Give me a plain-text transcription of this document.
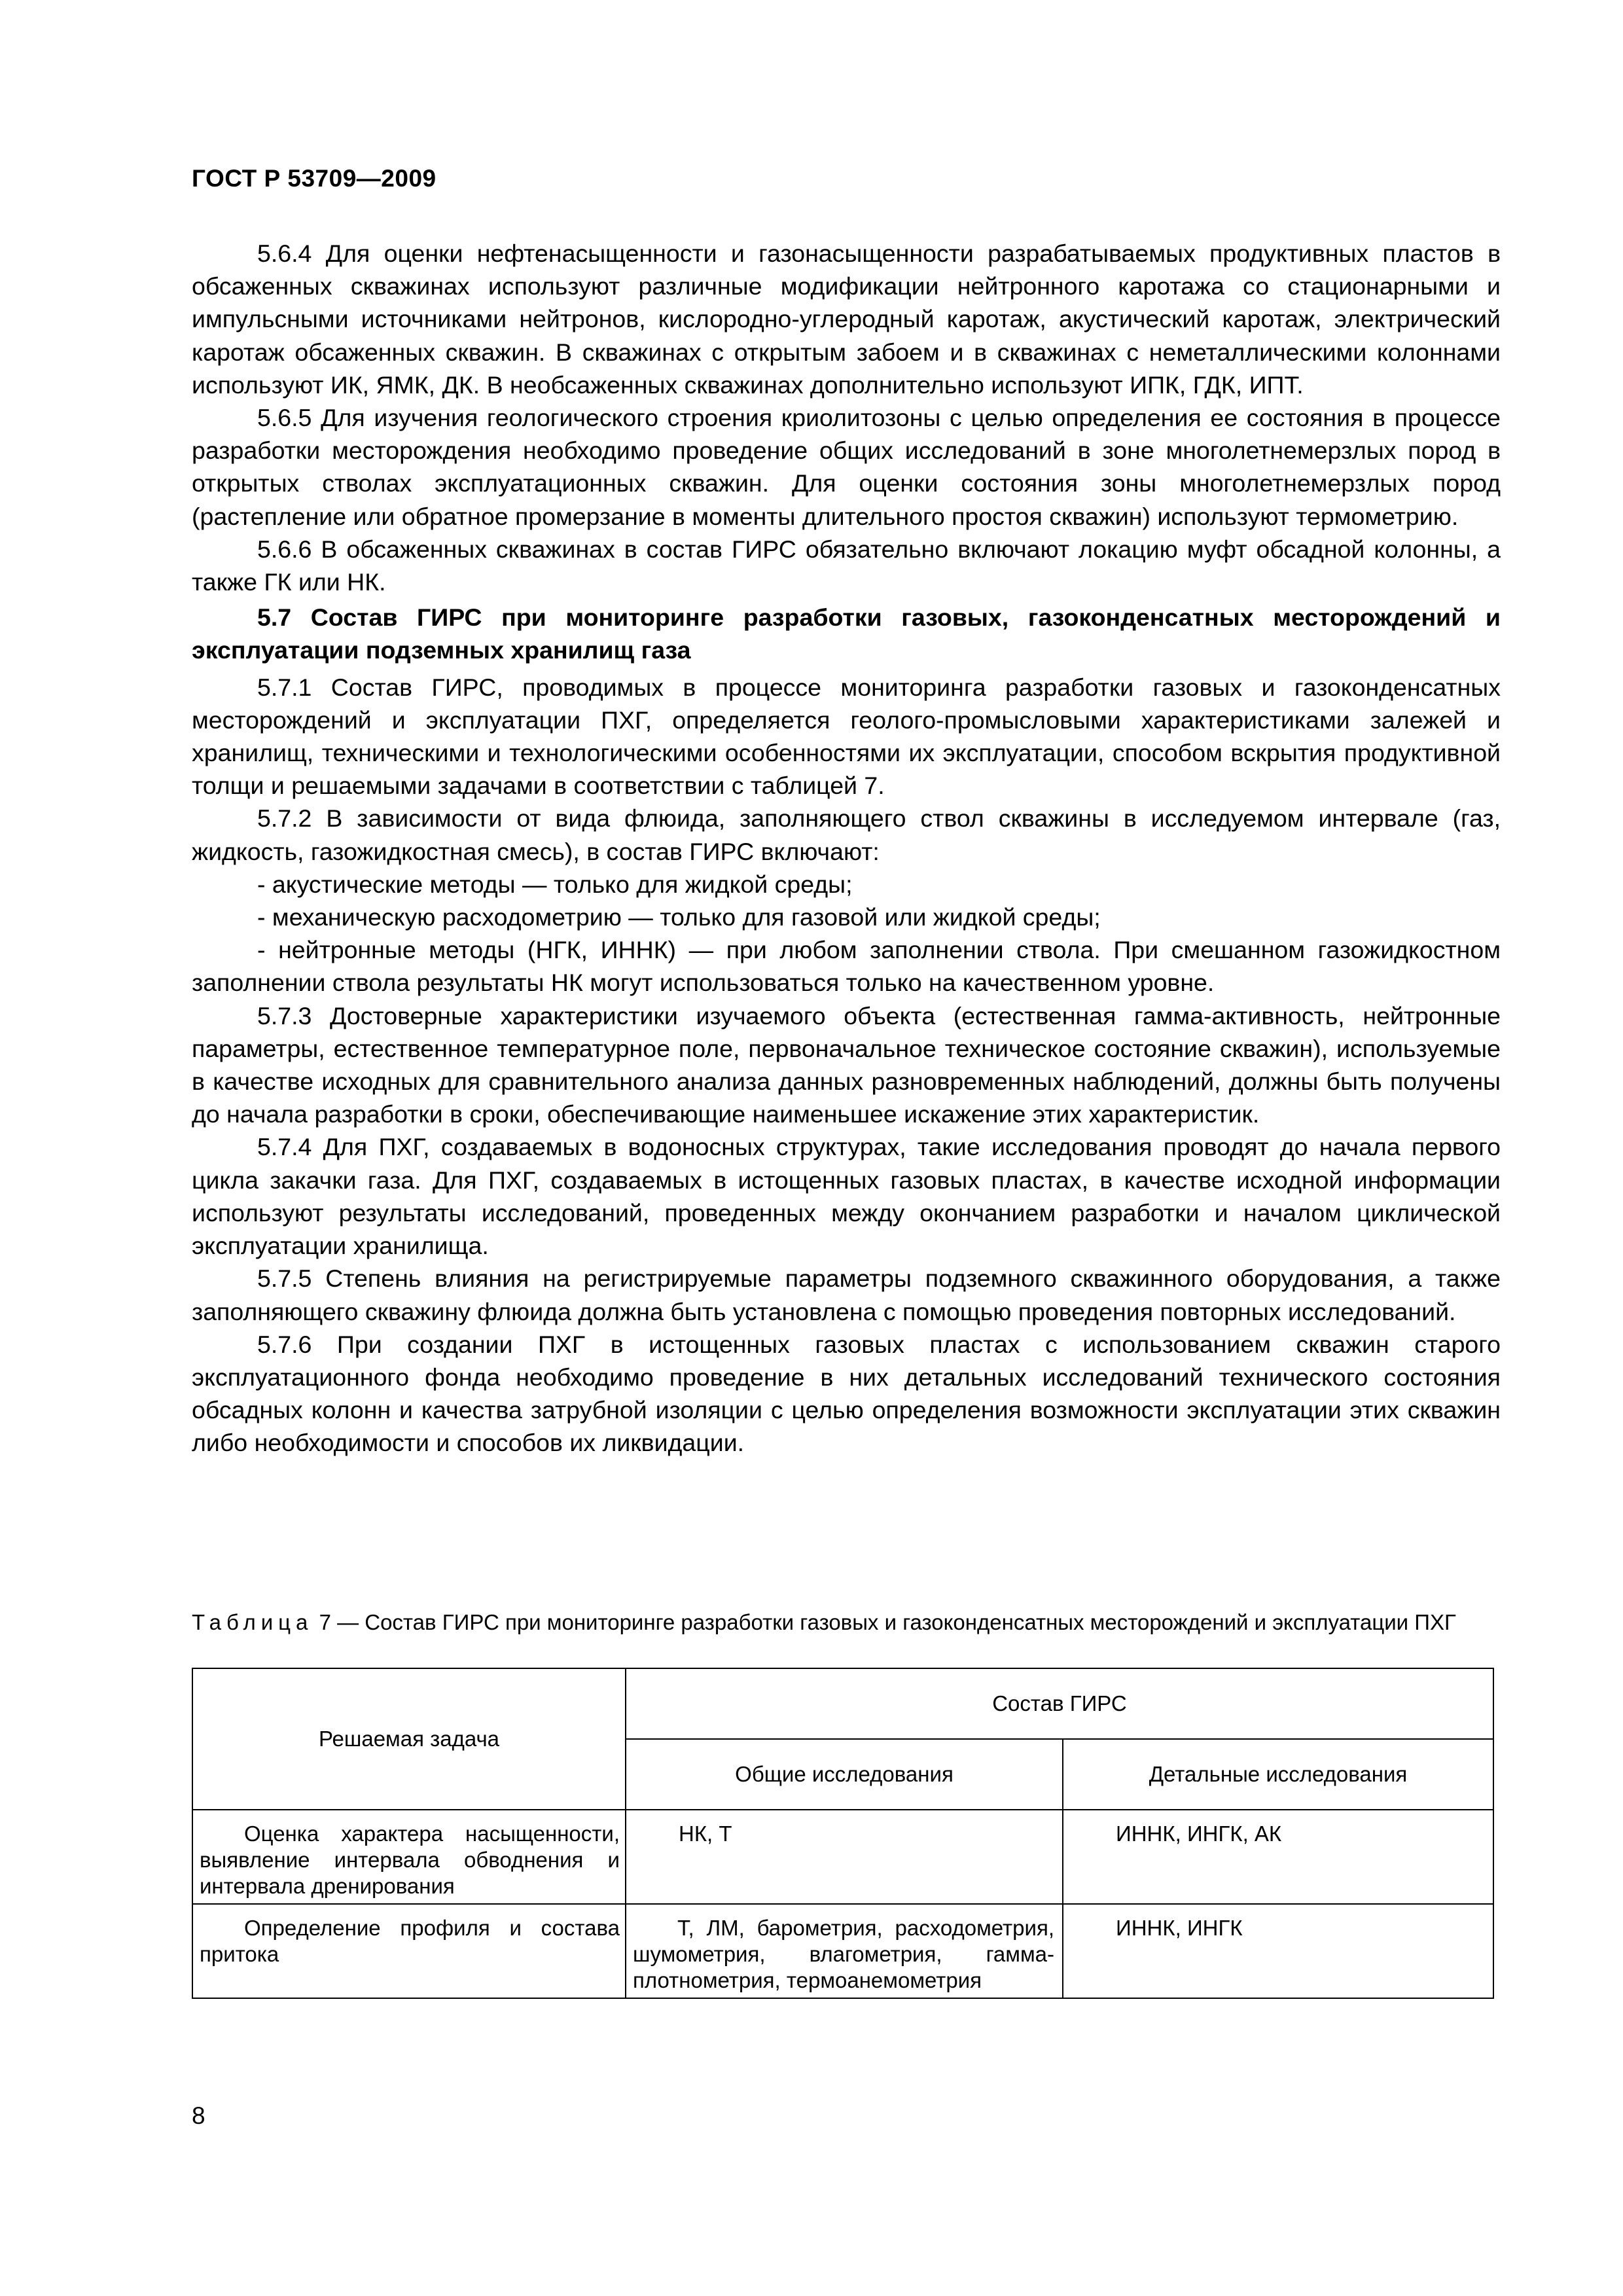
ГОСТ Р 53709—2009

5.6.4 Для оценки нефтенасыщенности и газонасыщенности разрабатываемых продуктивных пластов в обсаженных скважинах используют различные модификации нейтронного каротажа со стационарными и импульсными источниками нейтронов, кислородно-углеродный каротаж, акустический каротаж, электрический каротаж обсаженных скважин. В скважинах с открытым забоем и в скважинах с неметаллическими колоннами используют ИК, ЯМК, ДК. В необсаженных скважинах дополнительно используют ИПК, ГДК, ИПТ.

5.6.5 Для изучения геологического строения криолитозоны с целью определения ее состояния в процессе разработки месторождения необходимо проведение общих исследований в зоне многолетнемерзлых пород в открытых стволах эксплуатационных скважин. Для оценки состояния зоны многолетнемерзлых пород (растепление или обратное промерзание в моменты длительного простоя скважин) используют термометрию.

5.6.6 В обсаженных скважинах в состав ГИРС обязательно включают локацию муфт обсадной колонны, а также ГК или НК.

5.7 Состав ГИРС при мониторинге разработки газовых, газоконденсатных месторождений и эксплуатации подземных хранилищ газа

5.7.1 Состав ГИРС, проводимых в процессе мониторинга разработки газовых и газоконденсатных месторождений и эксплуатации ПХГ, определяется геолого-промысловыми характеристиками залежей и хранилищ, техническими и технологическими особенностями их эксплуатации, способом вскрытия продуктивной толщи и решаемыми задачами в соответствии с таблицей 7.

5.7.2 В зависимости от вида флюида, заполняющего ствол скважины в исследуемом интервале (газ, жидкость, газожидкостная смесь), в состав ГИРС включают:

- акустические методы — только для жидкой среды;

- механическую расходометрию — только для газовой или жидкой среды;

- нейтронные методы (НГК, ИННК) — при любом заполнении ствола. При смешанном газожидкостном заполнении ствола результаты НК могут использоваться только на качественном уровне.

5.7.3 Достоверные характеристики изучаемого объекта (естественная гамма-активность, нейтронные параметры, естественное температурное поле, первоначальное техническое состояние скважин), используемые в качестве исходных для сравнительного анализа данных разновременных наблюдений, должны быть получены до начала разработки в сроки, обеспечивающие наименьшее искажение этих характеристик.

5.7.4 Для ПХГ, создаваемых в водоносных структурах, такие исследования проводят до начала первого цикла закачки газа. Для ПХГ, создаваемых в истощенных газовых пластах, в качестве исходной информации используют результаты исследований, проведенных между окончанием разработки и началом циклической эксплуатации хранилища.

5.7.5 Степень влияния на регистрируемые параметры подземного скважинного оборудования, а также заполняющего скважину флюида должна быть установлена с помощью проведения повторных исследований.

5.7.6 При создании ПХГ в истощенных газовых пластах с использованием скважин старого эксплуатационного фонда необходимо проведение в них детальных исследований технического состояния обсадных колонн и качества затрубной изоляции с целью определения возможности эксплуатации этих скважин либо необходимости и способов их ликвидации.

Таблица 7 — Состав ГИРС при мониторинге разработки газовых и газоконденсатных месторождений и эксплуатации ПХГ
Решаемая задача	Состав ГИРС	
	Общие исследования	Детальные исследования
Оценка характера насыщенности, выявление интервала обводнения и интервала дренирования	НК, Т	ИННК, ИНГК, АК
Определение профиля и состава притока	Т, ЛМ, барометрия, расходометрия, шумометрия, влагометрия, гамма-плотнометрия, термоанемометрия	ИННК, ИНГК
8
